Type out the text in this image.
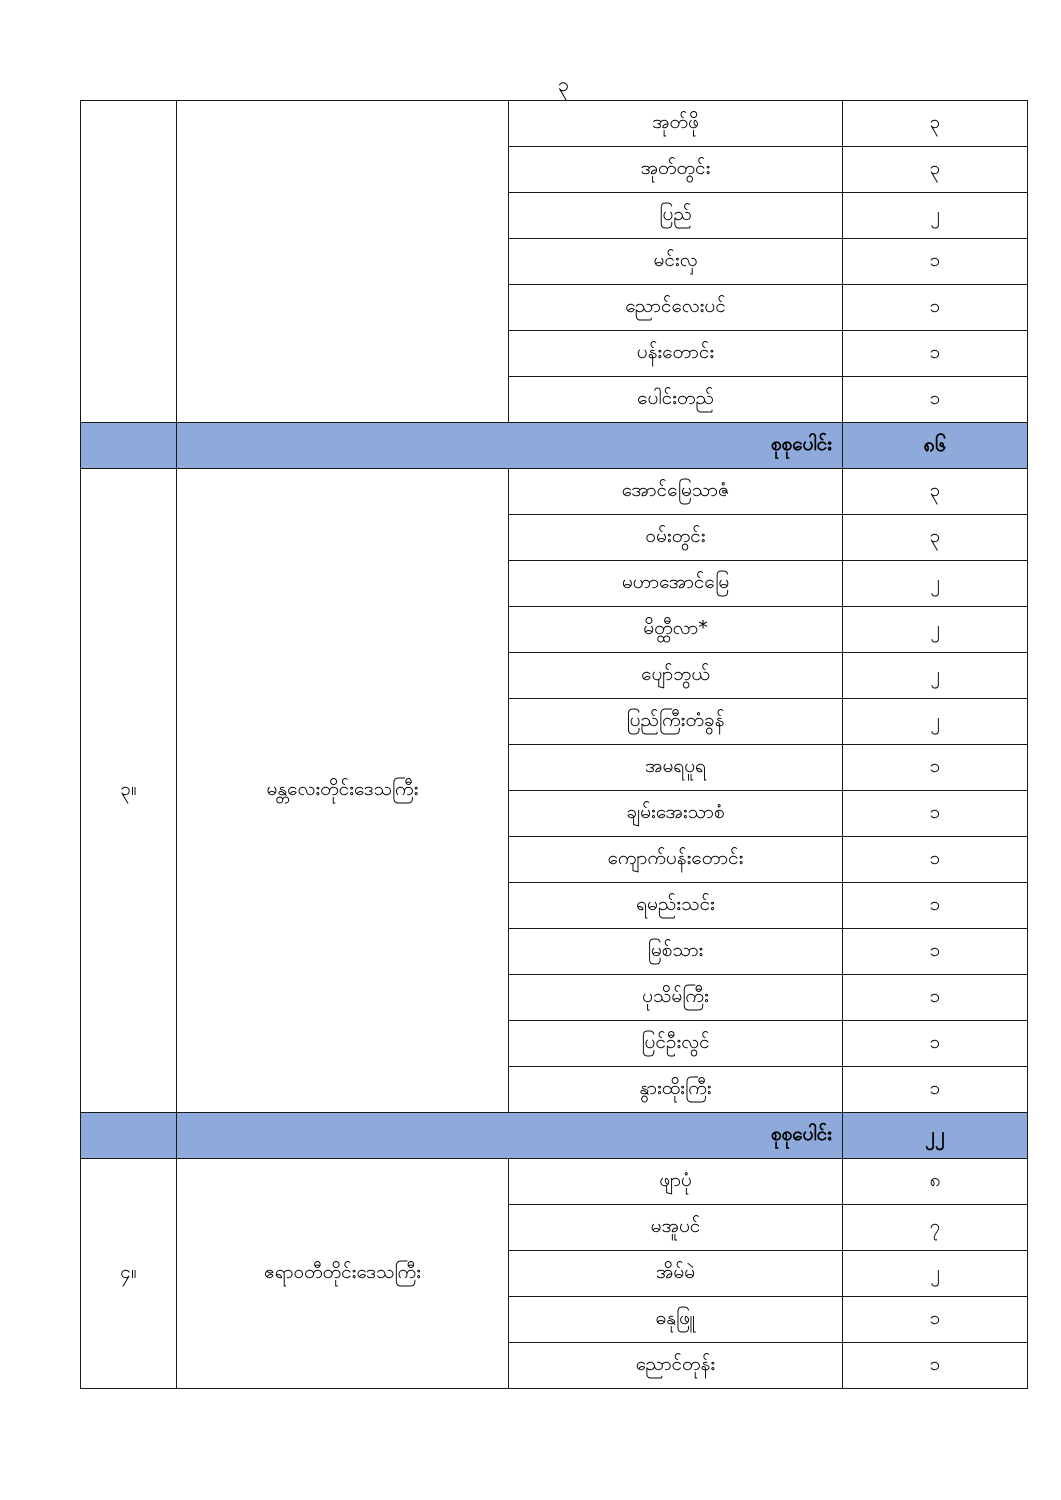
၃
		အုတ်ဖို	၃
		အုတ်တွင်း	၃
		ပြည်	၂
		မင်းလှ	၁
		ညောင်လေးပင်	၁
		ပန်းတောင်း	၁
		ပေါင်းတည်	၁
	စုစုပေါင်း		၈၆
၃။	မန္တလေးတိုင်းဒေသကြီး	အောင်မြေသာဇံ	၃
		ဝမ်းတွင်း	၃
		မဟာအောင်မြေ	၂
		မိတ္ထီလာ*	၂
		ပျော်ဘွယ်	၂
		ပြည်ကြီးတံခွန်	၂
		အမရပူရ	၁
		ချမ်းအေးသာစံ	၁
		ကျောက်ပန်းတောင်း	၁
		ရမည်းသင်း	၁
		မြစ်သား	၁
		ပုသိမ်ကြီး	၁
		ပြင်ဦးလွင်	၁
		နွားထိုးကြီး	၁
	စုစုပေါင်း		၂၂
၄။	ဧရာဝတီတိုင်းဒေသကြီး	ဖျာပုံ	၈
		မအူပင်	၇
		အိမ်မဲ	၂
		ဓနုဖြူ	၁
		ညောင်တုန်း	၁
